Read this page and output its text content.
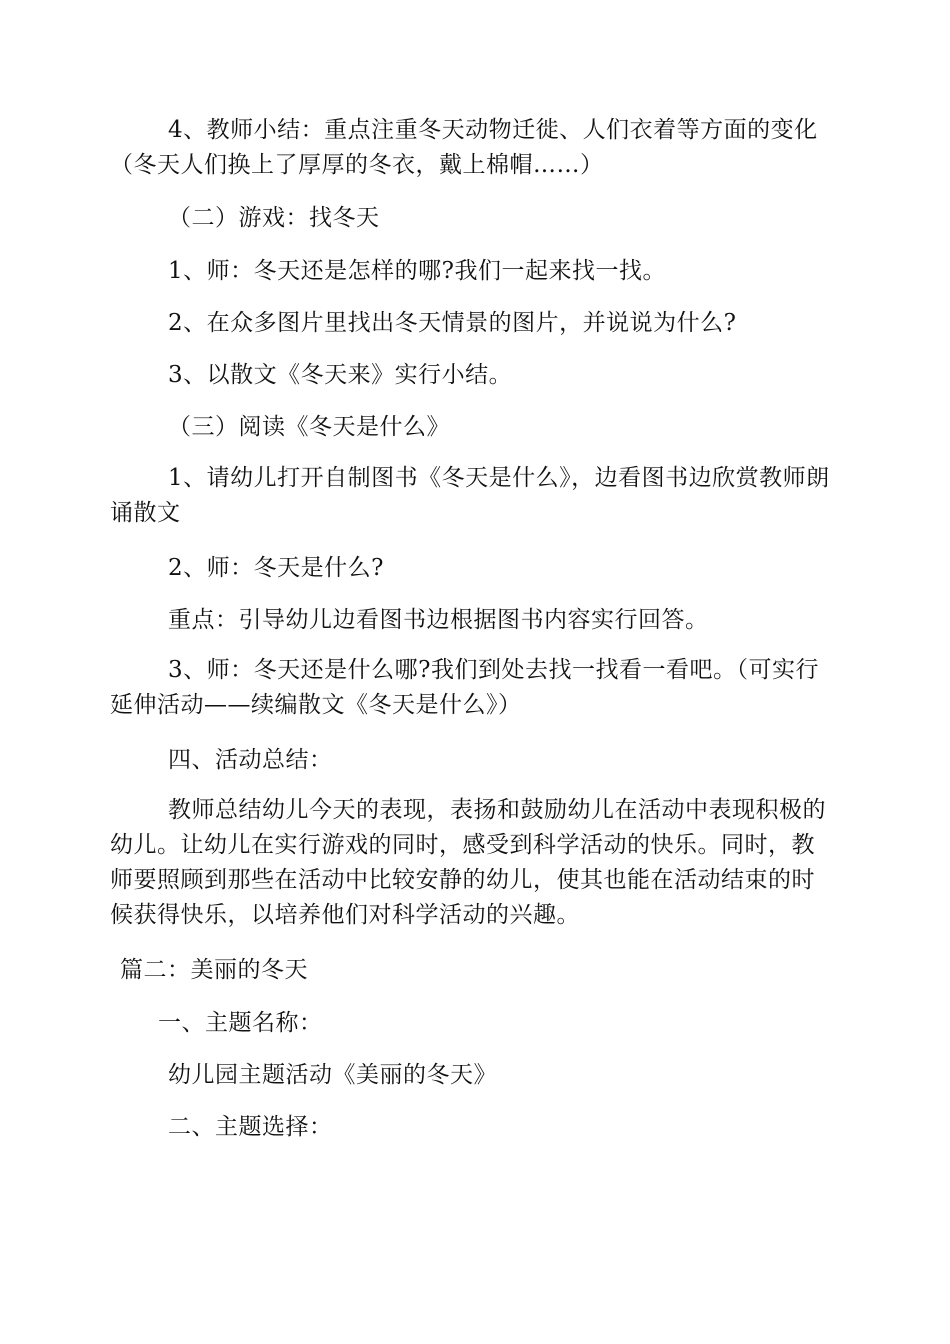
4、教师小结：重点注重冬天动物迁徙、人们衣着等方面的变化（冬天人们换上了厚厚的冬衣，戴上棉帽……）
（二）游戏：找冬天
1、师：冬天还是怎样的哪?我们一起来找一找。
2、在众多图片里找出冬天情景的图片，并说说为什么?
3、以散文《冬天来》实行小结。
（三）阅读《冬天是什么》
1、请幼儿打开自制图书《冬天是什么》，边看图书边欣赏教师朗诵散文
2、师：冬天是什么?
重点：引导幼儿边看图书边根据图书内容实行回答。
3、师：冬天还是什么哪?我们到处去找一找看一看吧。（可实行延伸活动——续编散文《冬天是什么》）
四、活动总结：
教师总结幼儿今天的表现，表扬和鼓励幼儿在活动中表现积极的幼儿。让幼儿在实行游戏的同时，感受到科学活动的快乐。同时，教师要照顾到那些在活动中比较安静的幼儿，使其也能在活动结束的时候获得快乐，以培养他们对科学活动的兴趣。
篇二：美丽的冬天
一、主题名称：
幼儿园主题活动《美丽的冬天》
二、主题选择：
